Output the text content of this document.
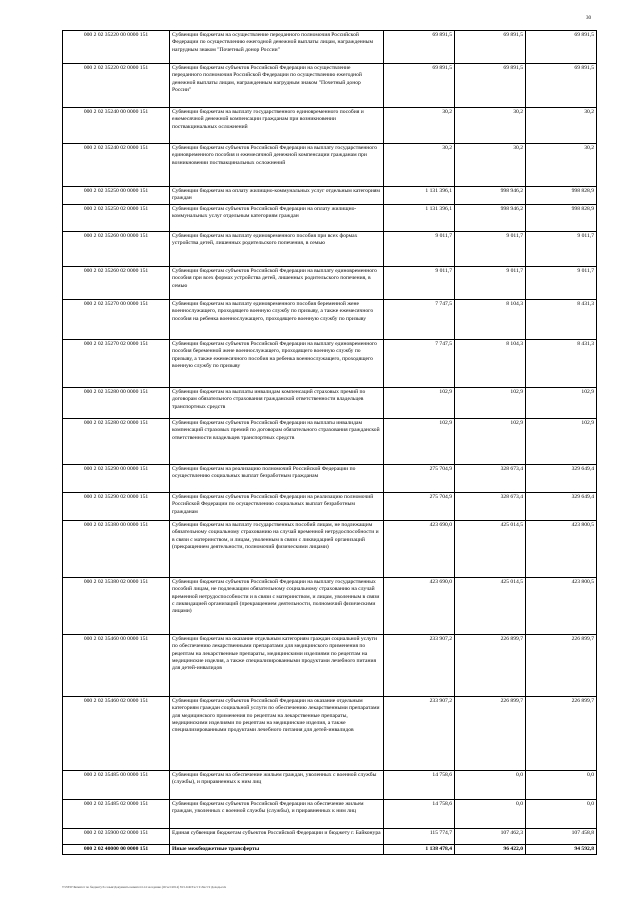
30
000 2 02 35220 00 0000 151	Субвенции бюджетам на осуществление переданного полномочия Российской Федерации по осуществлению ежегодной денежной выплаты лицам, награжденным нагрудным знаком "Почетный донор России"	69 891,5	69 891,5	69 891,5
000 2 02 35220 02 0000 151	Субвенции бюджетам субъектов Российской Федерации на осуществление переданного полномочия Российской Федерации по осуществлению ежегодной денежной выплаты лицам, награжденным нагрудным знаком "Почетный донор России"	69 891,5	69 891,5	69 891,5
000 2 02 35240 00 0000 151	Субвенции бюджетам на выплату государственного единовременного пособия и ежемесячной денежной компенсации гражданам при возникновении поствакцинальных осложнений	30,2	30,2	30,2
000 2 02 35240 02 0000 151	Субвенции бюджетам субъектов Российской Федерации на выплату государственного единовременного пособия и ежемесячной денежной компенсации гражданам при возникновении поствакцинальных осложнений	30,2	30,2	30,2
000 2 02 35250 00 0000 151	Субвенции бюджетам на оплату жилищно-коммунальных услуг отдельным категориям граждан	1 131 396,1	998 946,2	998 828,9
000 2 02 35250 02 0000 151	Субвенции бюджетам субъектов Российской Федерации на оплату жилищно-коммунальных услуг отдельным категориям граждан	1 131 396,1	998 946,2	998 828,9
000 2 02 35260 00 0000 151	Субвенции бюджетам на выплату единовременного пособия при всех формах устройства детей, лишенных родительского попечения, в семью	9 011,7	9 011,7	9 011,7
000 2 02 35260 02 0000 151	Субвенции бюджетам субъектов Российской Федерации на выплату единовременного пособия при всех формах устройства детей, лишенных родительского попечения, в семью	9 011,7	9 011,7	9 011,7
000 2 02 35270 00 0000 151	Субвенции бюджетам на выплату единовременного пособия беременной жене военнослужащего, проходящего военную службу по призыву, а также ежемесячного пособия на ребенка военнослужащего, проходящего военную службу по призыву	7 747,5	8 104,3	8 431,3
000 2 02 35270 02 0000 151	Субвенции бюджетам субъектов Российской Федерации на выплату единовременного пособия беременной жене военнослужащего, проходящего военную службу по призыву, а также ежемесячного пособия на ребенка военнослужащего, проходящего военную службу по призыву	7 747,5	8 104,3	8 431,3
000 2 02 35280 00 0000 151	Субвенции бюджетам на выплаты инвалидам компенсаций страховых премий по договорам обязательного страхования гражданской ответственности владельцев транспортных средств	102,9	102,9	102,9
000 2 02 35280 02 0000 151	Субвенции бюджетам субъектов Российской Федерации на выплаты инвалидам компенсаций страховых премий по договорам обязательного страхования гражданской ответственности владельцев транспортных средств	102,9	102,9	102,9
000 2 02 35290 00 0000 151	Субвенции бюджетам на реализацию полномочий Российской Федерации по осуществлению социальных выплат безработным гражданам	275 704,9	328 673,4	329 649,4
000 2 02 35290 02 0000 151	Субвенции бюджетам субъектов Российской Федерации на реализацию полномочий Российской Федерации по осуществлению социальных выплат безработным гражданам	275 704,9	328 673,4	329 649,4
000 2 02 35380 00 0000 151	Субвенции бюджетам на выплату государственных пособий лицам, не подлежащим обязательному социальному страхованию на случай временной нетрудоспособности и в связи с материнством, и лицам, уволенным в связи с ликвидацией организаций (прекращением деятельности, полномочий физическими лицами)	423 690,0	425 014,5	423 800,5
000 2 02 35380 02 0000 151	Субвенции бюджетам субъектов Российской Федерации на выплату государственных пособий лицам, не подлежащим обязательному социальному страхованию на случай временной нетрудоспособности и в связи с материнством, и лицам, уволенным в связи с ликвидацией организаций (прекращением деятельности, полномочий физическими лицами)	423 690,0	425 014,5	423 800,5
000 2 02 35460 00 0000 151	Субвенции бюджетам на оказание отдельным категориям граждан социальной услуги по обеспечению лекарственными препаратами для медицинского применения по рецептам на лекарственные препараты, медицинскими изделиями по рецептам на медицинские изделия, а также специализированными продуктами лечебного питания для детей-инвалидов	233 907,2	226 899,7	226 899,7
000 2 02 35460 02 0000 151	Субвенции бюджетам субъектов Российской Федерации на оказание отдельным категориям граждан социальной услуги по обеспечению лекарственными препаратами для медицинского применения по рецептам на лекарственные препараты, медицинскими изделиями по рецептам на медицинские изделия, а также специализированными продуктами лечебного питания для детей-инвалидов	233 907,2	226 899,7	226 899,7
000 2 02 35485 00 0000 151	Субвенции бюджетам на обеспечение жильем граждан, уволенных с военной службы (службы), и приравненных к ним лиц	14 758,6	0,0	0,0
000 2 02 35485 02 0000 151	Субвенции бюджетам субъектов Российской Федерации на обеспечение жильем граждан, уволенных с военной службы (службы), и приравненных к ним лиц	14 758,6	0,0	0,0
000 2 02 35900 02 0000 151	Единая субвенция бюджетам субъектов Российской Федерации и бюджету г. Байконура	115 774,7	107 462,3	107 458,8
000 2 02 40000 00 0000 151	Иные межбюджетные трансферты	1 138 478,4	96 422,0	94 592,8
T:\NEW\Комитет по бюджету\6 созыв\Документы комитета\14 заседание (Отчет\2014) 813-9-Ф\Тест 9 Лист 9 Доходы.xls
